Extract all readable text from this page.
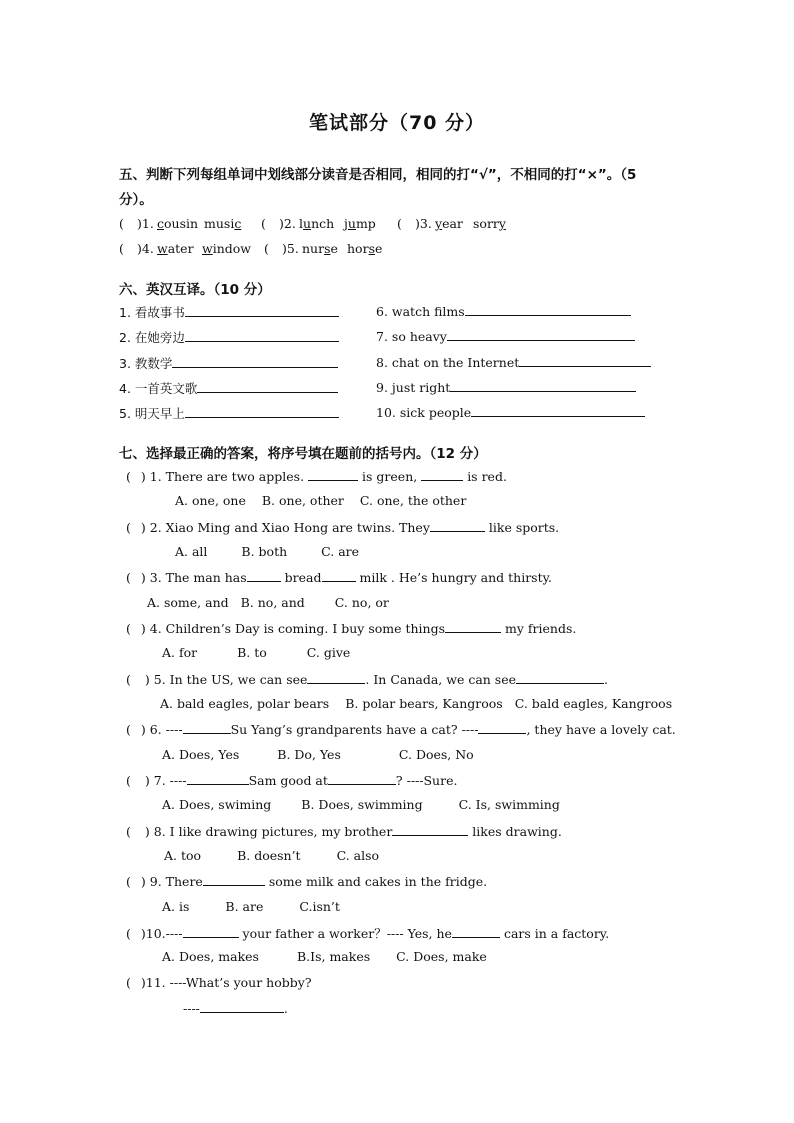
笔试部分（70 分）
五、判断下列每组单词中划线部分读音是否相同，相同的打“√”，不相同的打“×”。（5
分）。
( )1. cousin music ( )2. lunch jump ( )3. year sorry
( )4. water window ( )5. nurse horse
六、英汉互译。（10 分）
1. 看故事书
2. 在她旁边
3. 教数学
4. 一首英文歌
5. 明天早上
6. watch films
7. so heavy
8. chat on the Internet
9. just right
10. sick people
七、选择最正确的答案，将序号填在题前的括号内。（12 分）
( ) 1. There are two apples.	is green,	is red.
A. one, one B. one, other C. one, the other
( ) 2. Xiao Ming and Xiao Hong are twins. They	like sports.
A. all	B. both	C. are
( ) 3. The man has	bread	milk . He’s hungry and thirsty.
A. some, and B. no, and C. no, or
( ) 4. Children’s Day is coming. I buy some things	my friends.
A. for	B. to	C. give
( ) 5. In the US, we can see	. In Canada, we can see	.
A. bald eagles, polar bears B. polar bears, Kangroos C. bald eagles, Kangroos
( ) 6. ----	Su Yang’s grandparents have a cat? ----	, they have a lovely cat.
A. Does, Yes	B. Do, Yes	C. Does, No
( ) 7. ----	Sam good at	? ----Sure.
A. Does, swiming B. Does, swimming	C. Is, swimming
( ) 8. I like drawing pictures, my brother	likes drawing.
A. too	B. doesn’t	C. also
( ) 9. There	some milk and cakes in the fridge.
A. is	B. are	C.isn’t
( )10.----	your father a worker？---- Yes, he	cars in a factory.
A. Does, makes	B.Is, makes C. Does, make
( )11. ----What’s your hobby?
----	.
